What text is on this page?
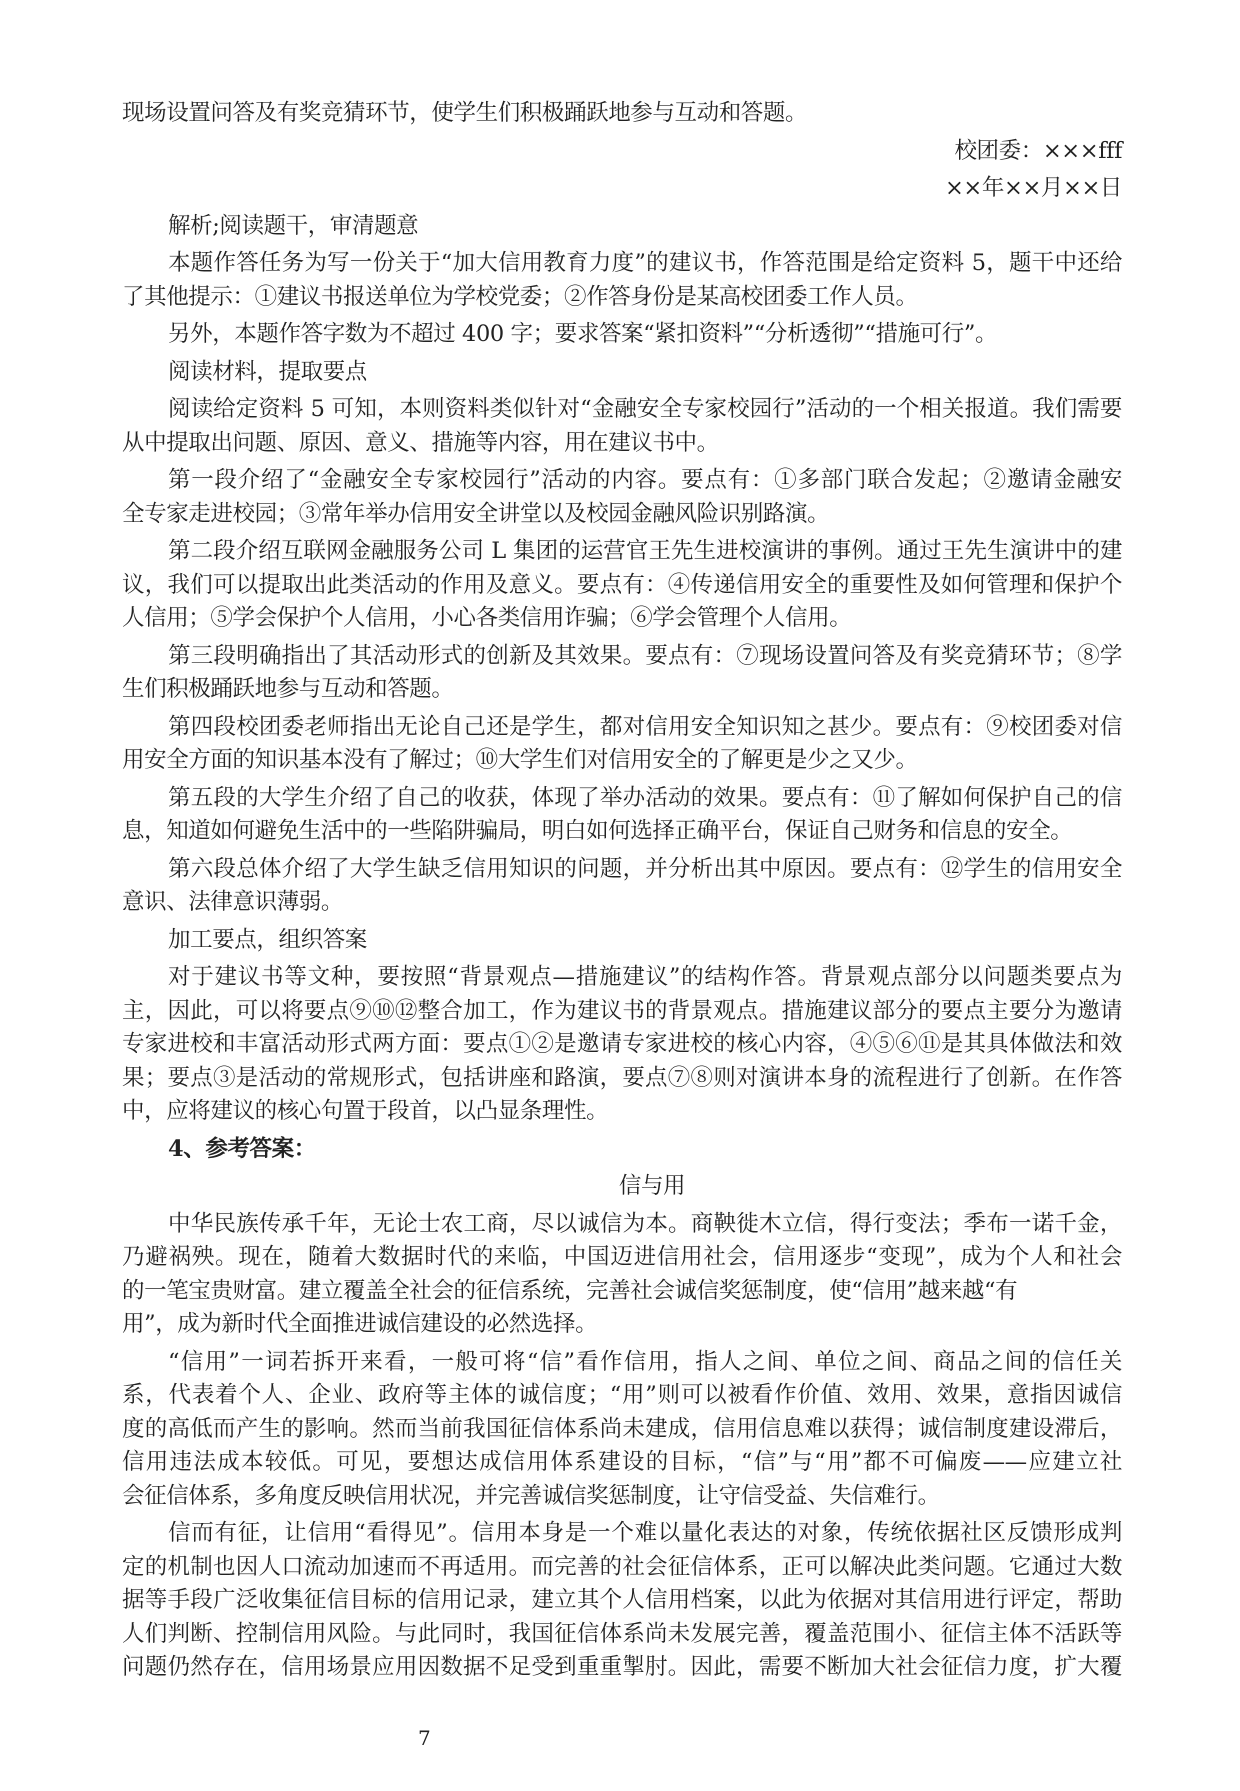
现场设置问答及有奖竞猜环节，使学生们积极踊跃地参与互动和答题。
校团委：×××fff
××年××月××日
解析;阅读题干，审清题意
本题作答任务为写一份关于“加大信用教育力度”的建议书，作答范围是给定资料 5，题干中还给
了其他提示：①建议书报送单位为学校党委；②作答身份是某高校团委工作人员。
另外，本题作答字数为不超过 400 字；要求答案“紧扣资料”“分析透彻”“措施可行”。
阅读材料，提取要点
阅读给定资料 5 可知，本则资料类似针对“金融安全专家校园行”活动的一个相关报道。我们需要
从中提取出问题、原因、意义、措施等内容，用在建议书中。
第一段介绍了“金融安全专家校园行”活动的内容。要点有：①多部门联合发起；②邀请金融安
全专家走进校园；③常年举办信用安全讲堂以及校园金融风险识别路演。
第二段介绍互联网金融服务公司 L 集团的运营官王先生进校演讲的事例。通过王先生演讲中的建
议，我们可以提取出此类活动的作用及意义。要点有：④传递信用安全的重要性及如何管理和保护个
人信用；⑤学会保护个人信用，小心各类信用诈骗；⑥学会管理个人信用。
第三段明确指出了其活动形式的创新及其效果。要点有：⑦现场设置问答及有奖竞猜环节；⑧学
生们积极踊跃地参与互动和答题。
第四段校团委老师指出无论自己还是学生，都对信用安全知识知之甚少。要点有：⑨校团委对信
用安全方面的知识基本没有了解过；⑩大学生们对信用安全的了解更是少之又少。
第五段的大学生介绍了自己的收获，体现了举办活动的效果。要点有：⑪了解如何保护自己的信
息，知道如何避免生活中的一些陷阱骗局，明白如何选择正确平台，保证自己财务和信息的安全。
第六段总体介绍了大学生缺乏信用知识的问题，并分析出其中原因。要点有：⑫学生的信用安全
意识、法律意识薄弱。
加工要点，组织答案
对于建议书等文种，要按照“背景观点—措施建议”的结构作答。背景观点部分以问题类要点为
主，因此，可以将要点⑨⑩⑫整合加工，作为建议书的背景观点。措施建议部分的要点主要分为邀请
专家进校和丰富活动形式两方面：要点①②是邀请专家进校的核心内容，④⑤⑥⑪是其具体做法和效
果；要点③是活动的常规形式，包括讲座和路演，要点⑦⑧则对演讲本身的流程进行了创新。在作答
中，应将建议的核心句置于段首，以凸显条理性。
4、参考答案：
信与用
中华民族传承千年，无论士农工商，尽以诚信为本。商鞅徙木立信，得行变法；季布一诺千金，
乃避祸殃。现在，随着大数据时代的来临，中国迈进信用社会，信用逐步“变现”，成为个人和社会
的一笔宝贵财富。建立覆盖全社会的征信系统，完善社会诚信奖惩制度，使“信用”越来越“有
用”，成为新时代全面推进诚信建设的必然选择。
“信用”一词若拆开来看，一般可将“信”看作信用，指人之间、单位之间、商品之间的信任关
系，代表着个人、企业、政府等主体的诚信度；“用”则可以被看作价值、效用、效果，意指因诚信
度的高低而产生的影响。然而当前我国征信体系尚未建成，信用信息难以获得；诚信制度建设滞后，
信用违法成本较低。可见，要想达成信用体系建设的目标，“信”与“用”都不可偏废——应建立社
会征信体系，多角度反映信用状况，并完善诚信奖惩制度，让守信受益、失信难行。
信而有征，让信用“看得见”。信用本身是一个难以量化表达的对象，传统依据社区反馈形成判
定的机制也因人口流动加速而不再适用。而完善的社会征信体系，正可以解决此类问题。它通过大数
据等手段广泛收集征信目标的信用记录，建立其个人信用档案，以此为依据对其信用进行评定，帮助
人们判断、控制信用风险。与此同时，我国征信体系尚未发展完善，覆盖范围小、征信主体不活跃等
问题仍然存在，信用场景应用因数据不足受到重重掣肘。因此，需要不断加大社会征信力度，扩大覆
7
